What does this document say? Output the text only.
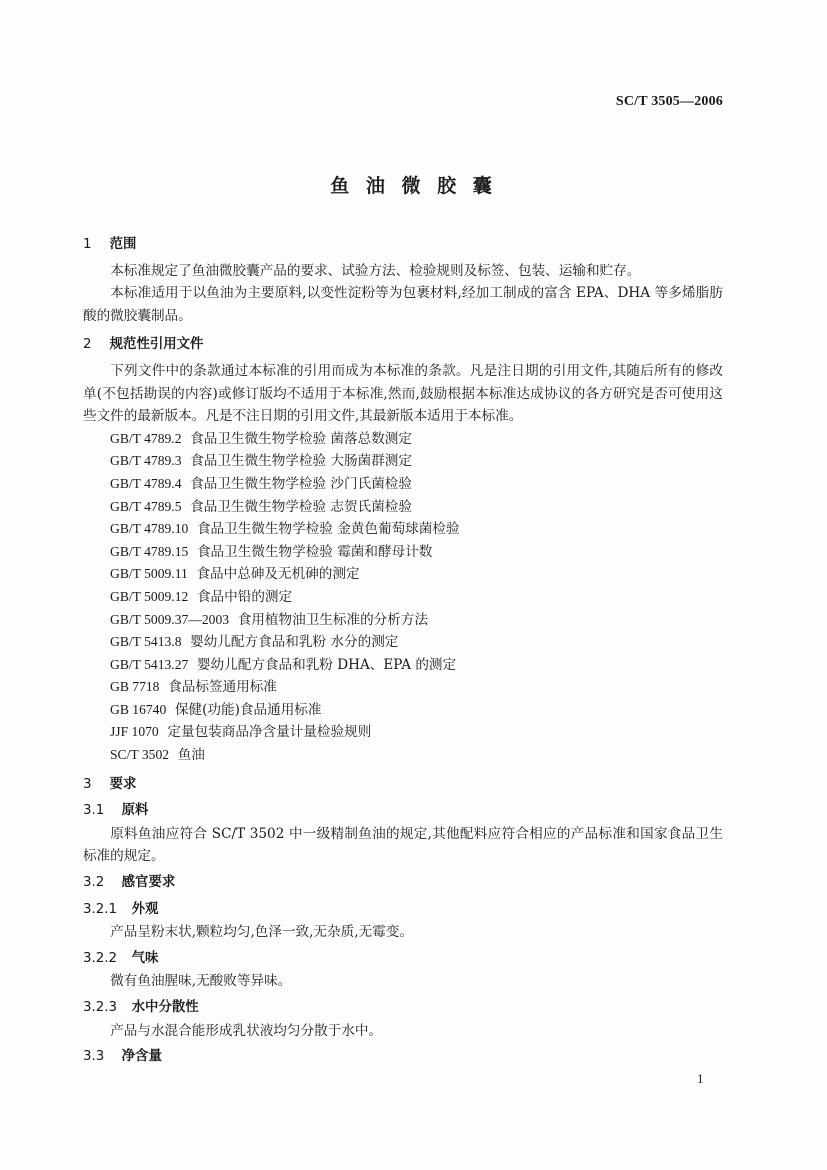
SC/T 3505—2006
鱼 油 微 胶 囊
1 范围

本标准规定了鱼油微胶囊产品的要求、试验方法、检验规则及标签、包装、运输和贮存。

本标准适用于以鱼油为主要原料,以变性淀粉等为包裹材料,经加工制成的富含 EPA、DHA 等多烯脂肪酸的微胶囊制品。

2 规范性引用文件

下列文件中的条款通过本标准的引用而成为本标准的条款。凡是注日期的引用文件,其随后所有的修改单(不包括勘误的内容)或修订版均不适用于本标准,然而,鼓励根据本标准达成协议的各方研究是否可使用这些文件的最新版本。凡是不注日期的引用文件,其最新版本适用于本标准。

GB/T 4789.2 食品卫生微生物学检验 菌落总数测定
GB/T 4789.3 食品卫生微生物学检验 大肠菌群测定
GB/T 4789.4 食品卫生微生物学检验 沙门氏菌检验
GB/T 4789.5 食品卫生微生物学检验 志贺氏菌检验
GB/T 4789.10 食品卫生微生物学检验 金黄色葡萄球菌检验
GB/T 4789.15 食品卫生微生物学检验 霉菌和酵母计数
GB/T 5009.11 食品中总砷及无机砷的测定
GB/T 5009.12 食品中铅的测定
GB/T 5009.37—2003 食用植物油卫生标准的分析方法
GB/T 5413.8 婴幼儿配方食品和乳粉 水分的测定
GB/T 5413.27 婴幼儿配方食品和乳粉 DHA、EPA 的测定
GB 7718 食品标签通用标准
GB 16740 保健(功能)食品通用标准
JJF 1070 定量包装商品净含量计量检验规则
SC/T 3502 鱼油
3 要求
3.1 原料

原料鱼油应符合 SC/T 3502 中一级精制鱼油的规定,其他配料应符合相应的产品标准和国家食品卫生标准的规定。

3.2 感官要求
3.2.1 外观

产品呈粉末状,颗粒均匀,色泽一致,无杂质,无霉变。

3.2.2 气味

微有鱼油腥味,无酸败等异味。

3.2.3 水中分散性

产品与水混合能形成乳状液均匀分散于水中。

3.3 净含量
1
